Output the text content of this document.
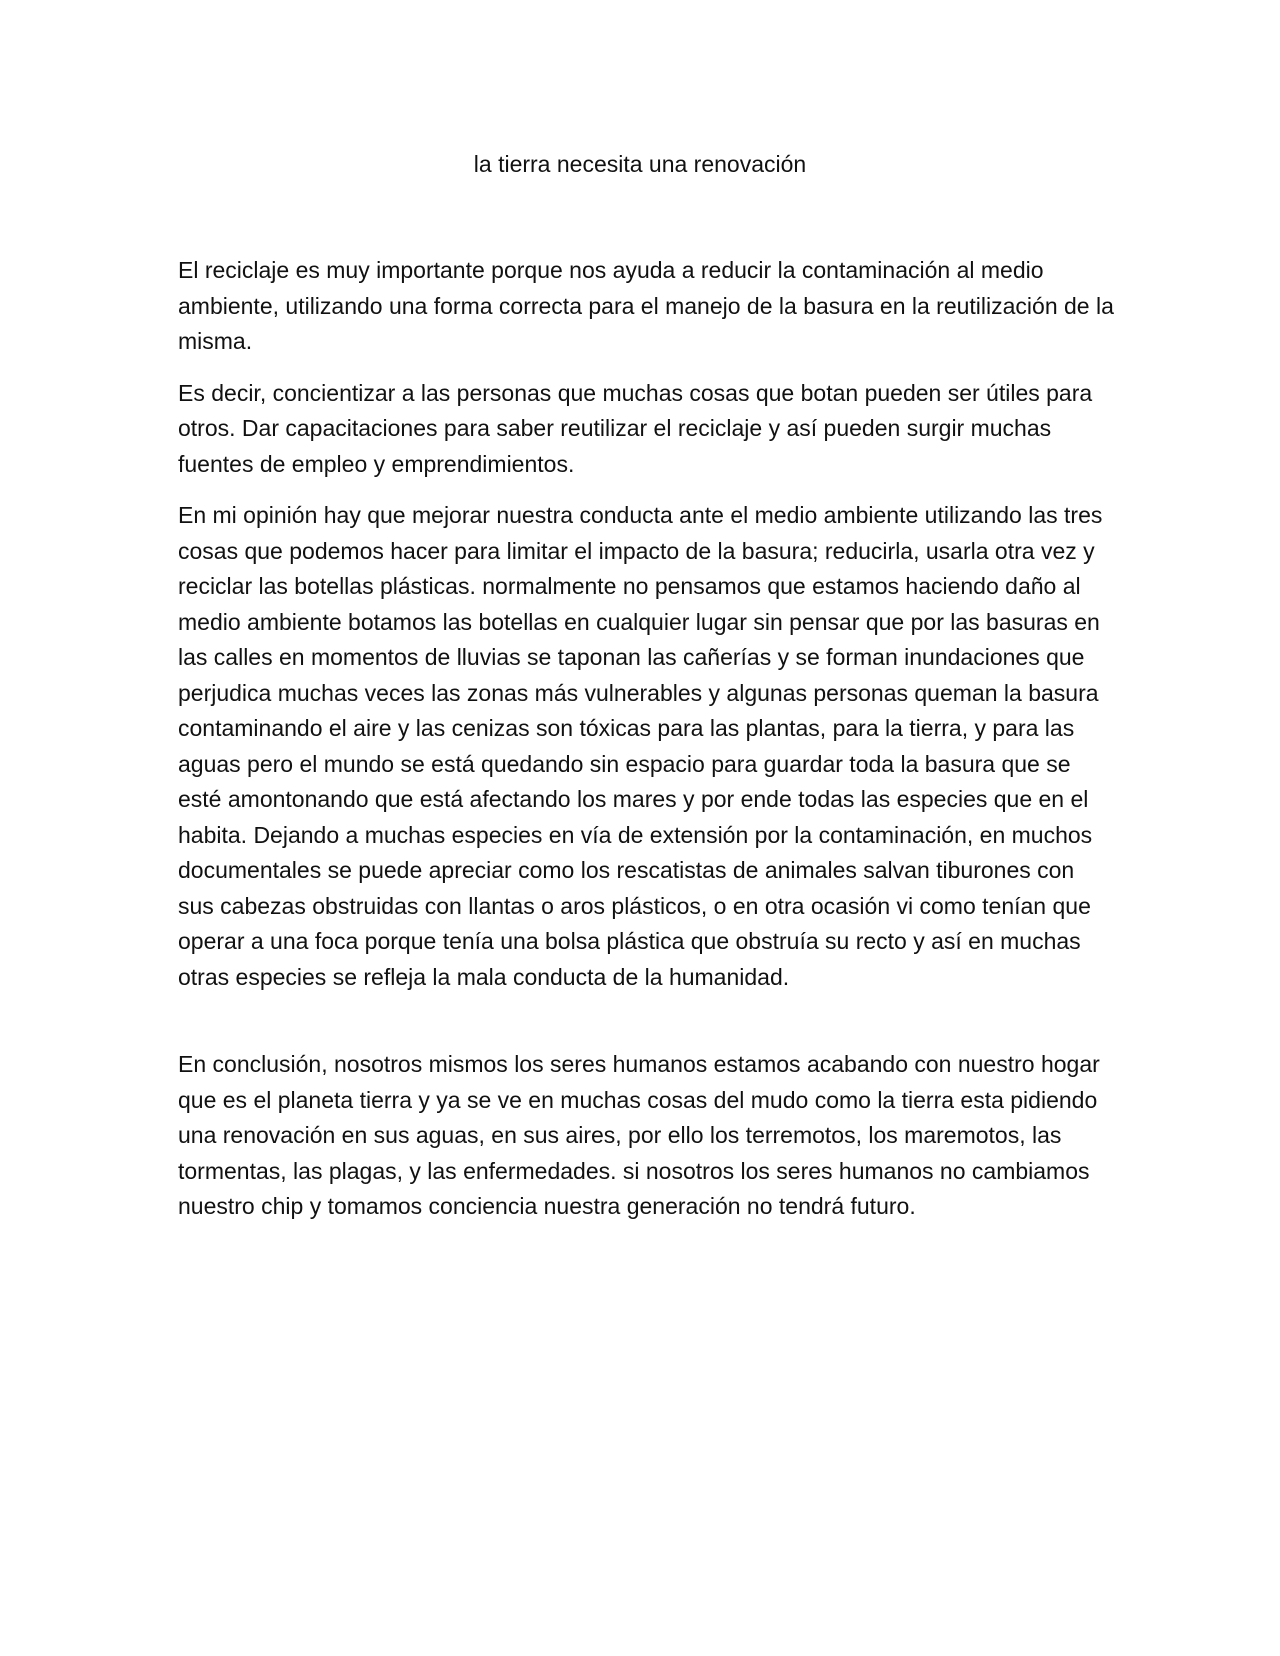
la tierra necesita una renovación

El reciclaje es muy importante porque nos ayuda a reducir la contaminación al medio ambiente, utilizando una forma correcta para el manejo de la basura en la reutilización de la misma.

Es decir, concientizar a las personas que muchas cosas que botan pueden ser útiles para otros. Dar capacitaciones para saber reutilizar el reciclaje y así pueden surgir muchas fuentes de empleo y emprendimientos.

En mi opinión hay que mejorar nuestra conducta ante el medio ambiente utilizando las tres cosas que podemos hacer para limitar el impacto de la basura; reducirla, usarla otra vez y reciclar las botellas plásticas. normalmente no pensamos que estamos haciendo daño al medio ambiente botamos las botellas en cualquier lugar sin pensar que por las basuras en las calles en momentos de lluvias se taponan las cañerías y se forman inundaciones que perjudica muchas veces las zonas más vulnerables y algunas personas queman la basura contaminando el aire y las cenizas son tóxicas para las plantas, para la tierra, y para las aguas pero el mundo se está quedando sin espacio para guardar toda la basura que se esté amontonando que está afectando los mares y por ende todas las especies que en el habita. Dejando a muchas especies en vía de extensión por la contaminación, en muchos documentales se puede apreciar como los rescatistas de animales salvan tiburones con sus cabezas obstruidas con llantas o aros plásticos, o en otra ocasión vi como tenían que operar a una foca porque tenía una bolsa plástica que obstruía su recto y así en muchas otras especies se refleja la mala conducta de la humanidad.

En conclusión, nosotros mismos los seres humanos estamos acabando con nuestro hogar que es el planeta tierra y ya se ve en muchas cosas del mudo como la tierra esta pidiendo una renovación en sus aguas, en sus aires, por ello los terremotos, los maremotos, las tormentas, las plagas, y las enfermedades. si nosotros los seres humanos no cambiamos nuestro chip y tomamos conciencia nuestra generación no tendrá futuro.
